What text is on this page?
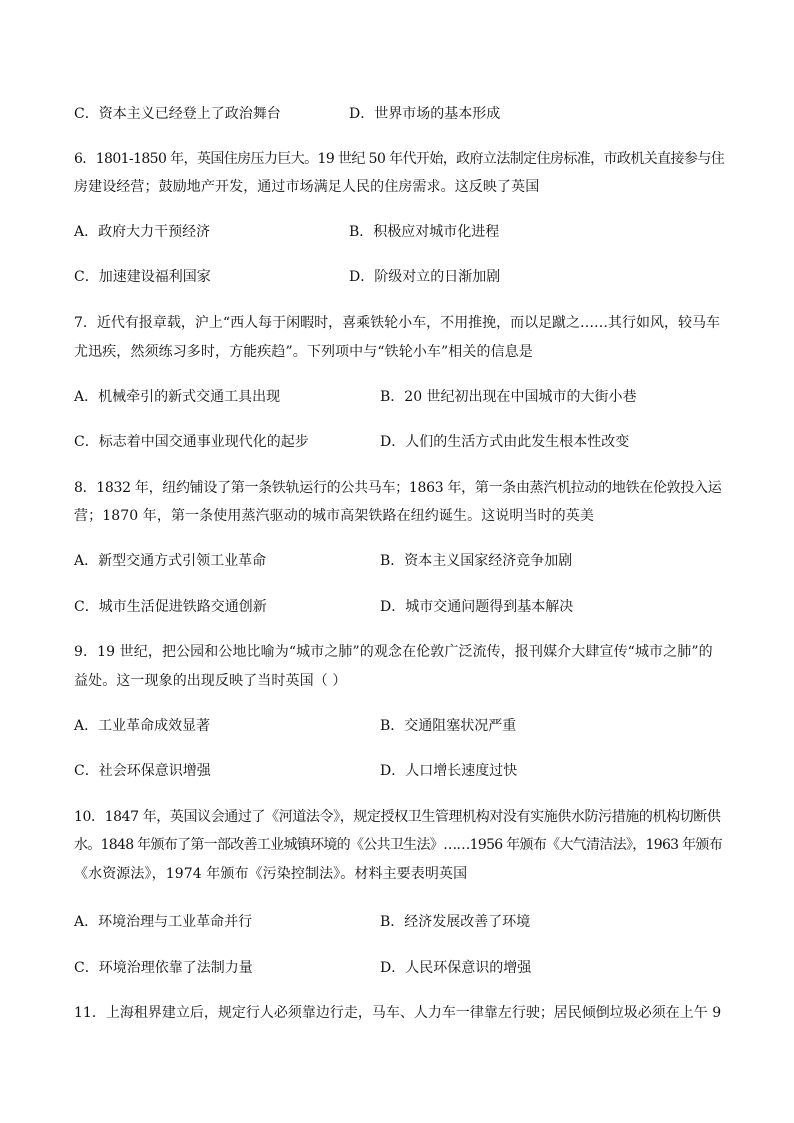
C．资本主义已经登上了政治舞台	D．世界市场的基本形成
6．1801-1850 年，英国住房压力巨大。19 世纪 50 年代开始，政府立法制定住房标准，市政机关直接参与住
房建设经营；鼓励地产开发，通过市场满足人民的住房需求。这反映了英国
A．政府大力干预经济	B．积极应对城市化进程
C．加速建设福利国家	D．阶级对立的日渐加剧
7．近代有报章载，沪上“西人每于闲暇时，喜乘铁轮小车，不用推挽，而以足蹴之……其行如风，较马车
尤迅疾，然须练习多时，方能疾趋”。下列项中与“铁轮小车”相关的信息是
A．机械牵引的新式交通工具出现	B．20 世纪初出现在中国城市的大街小巷
C．标志着中国交通事业现代化的起步	D．人们的生活方式由此发生根本性改变
8．1832 年，纽约铺设了第一条铁轨运行的公共马车；1863 年，第一条由蒸汽机拉动的地铁在伦敦投入运
营；1870 年，第一条使用蒸汽驱动的城市高架铁路在纽约诞生。这说明当时的英美
A．新型交通方式引领工业革命	B．资本主义国家经济竞争加剧
C．城市生活促进铁路交通创新	D．城市交通问题得到基本解决
9．19 世纪，把公园和公地比喻为“城市之肺”的观念在伦敦广泛流传，报刊媒介大肆宣传“城市之肺”的
益处。这一现象的出现反映了当时英国（ ）
A．工业革命成效显著	B．交通阻塞状况严重
C．社会环保意识增强	D．人口增长速度过快
10．1847 年，英国议会通过了《河道法令》，规定授权卫生管理机构对没有实施供水防污措施的机构切断供
水。1848 年颁布了第一部改善工业城镇环境的《公共卫生法》……1956 年颁布《大气清洁法》，1963 年颁布
《水资源法》，1974 年颁布《污染控制法》。材料主要表明英国
A．环境治理与工业革命并行	B．经济发展改善了环境
C．环境治理依靠了法制力量	D．人民环保意识的增强
11．上海租界建立后，规定行人必须靠边行走，马车、人力车一律靠左行驶；居民倾倒垃圾必须在上午 9
